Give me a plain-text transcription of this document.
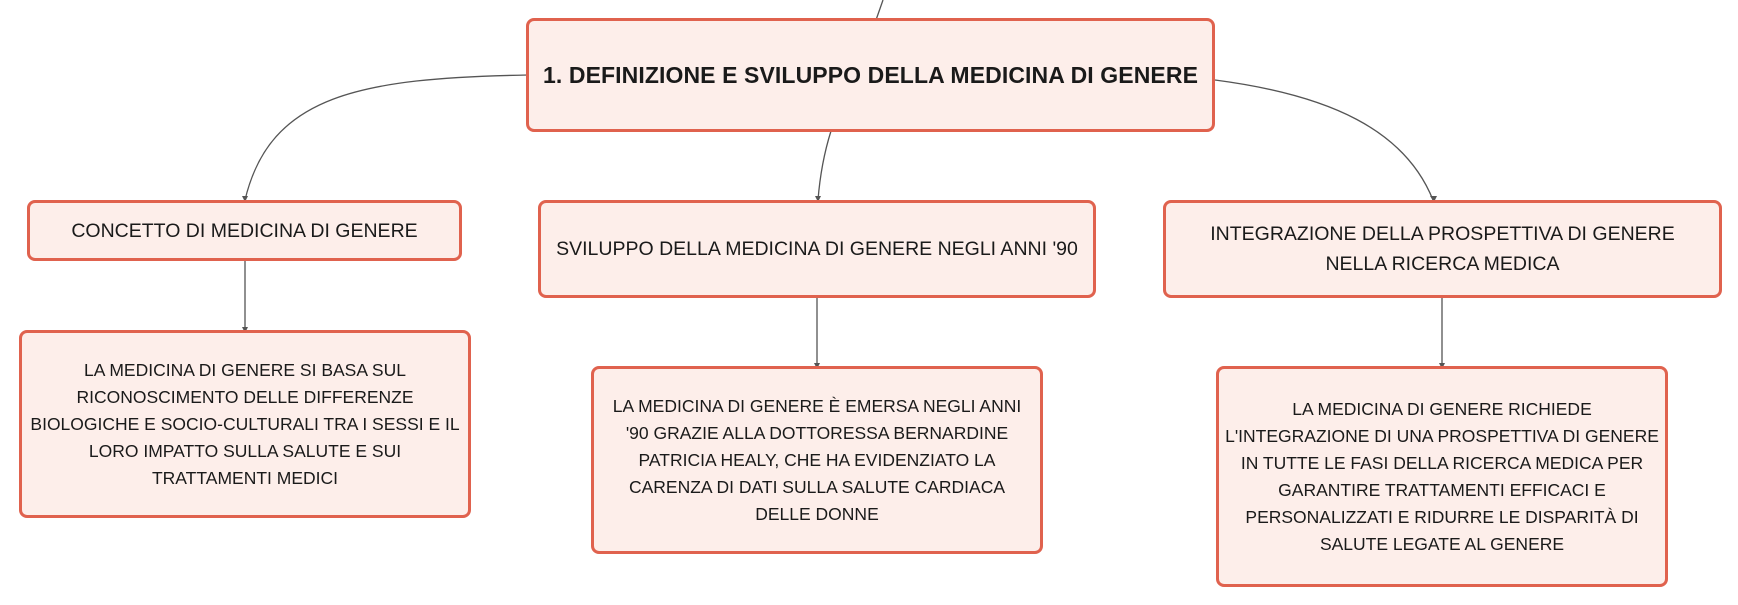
1. DEFINIZIONE E SVILUPPO DELLA MEDICINA DI GENERE
CONCETTO DI MEDICINA DI GENERE
LA MEDICINA DI GENERE SI BASA SUL RICONOSCIMENTO DELLE DIFFERENZE BIOLOGICHE E SOCIO-CULTURALI TRA I SESSI E IL LORO IMPATTO SULLA SALUTE E SUI TRATTAMENTI MEDICI
SVILUPPO DELLA MEDICINA DI GENERE NEGLI ANNI '90
LA MEDICINA DI GENERE È EMERSA NEGLI ANNI '90 GRAZIE ALLA DOTTORESSA BERNARDINE PATRICIA HEALY, CHE HA EVIDENZIATO LA CARENZA DI DATI SULLA SALUTE CARDIACA DELLE DONNE
INTEGRAZIONE DELLA PROSPETTIVA DI GENERE NELLA RICERCA MEDICA
LA MEDICINA DI GENERE RICHIEDE L'INTEGRAZIONE DI UNA PROSPETTIVA DI GENERE IN TUTTE LE FASI DELLA RICERCA MEDICA PER GARANTIRE TRATTAMENTI EFFICACI E PERSONALIZZATI E RIDURRE LE DISPARITÀ DI SALUTE LEGATE AL GENERE
